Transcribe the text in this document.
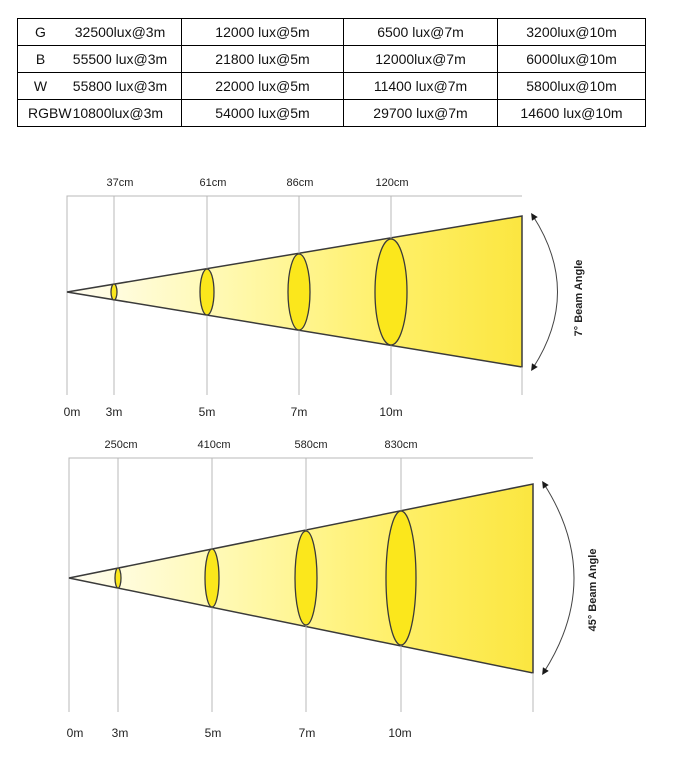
G 32500lux@3m	12000 lux@5m	6500 lux@7m	3200lux@10m

B 55500 lux@3m	21800 lux@5m	12000lux@7m	6000lux@10m

W 55800 lux@3m	22000 lux@5m	11400 lux@7m	5800lux@10m

RGBW 10800lux@3m	54000 lux@5m	29700 lux@7m	14600 lux@10m
7° Beam Angle
37cm	61cm	86cm	120cm
0m 3m	5m	7m	10m
45° Beam Angle
250cm	410cm	580cm	830cm
0m 3m	5m	7m	10m
